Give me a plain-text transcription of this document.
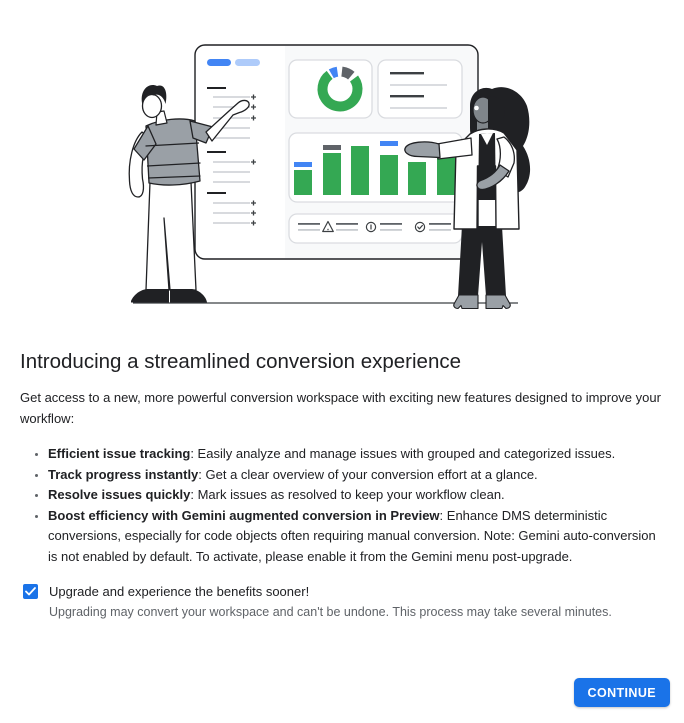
Introducing a streamlined conversion experience

Get access to a new, more powerful conversion workspace with exciting new features designed to improve your workflow:

• Efficient issue tracking: Easily analyze and manage issues with grouped and categorized issues.
• Track progress instantly: Get a clear overview of your conversion effort at a glance.
• Resolve issues quickly: Mark issues as resolved to keep your workflow clean.
• Boost efficiency with Gemini augmented conversion in Preview: Enhance DMS deterministic conversions, especially for code objects often requiring manual conversion. Note: Gemini auto-conversion is not enabled by default. To activate, please enable it from the Gemini menu post-upgrade.
Upgrade and experience the benefits sooner!
Upgrading may convert your workspace and can't be undone. This process may take several minutes.
CONTINUE
